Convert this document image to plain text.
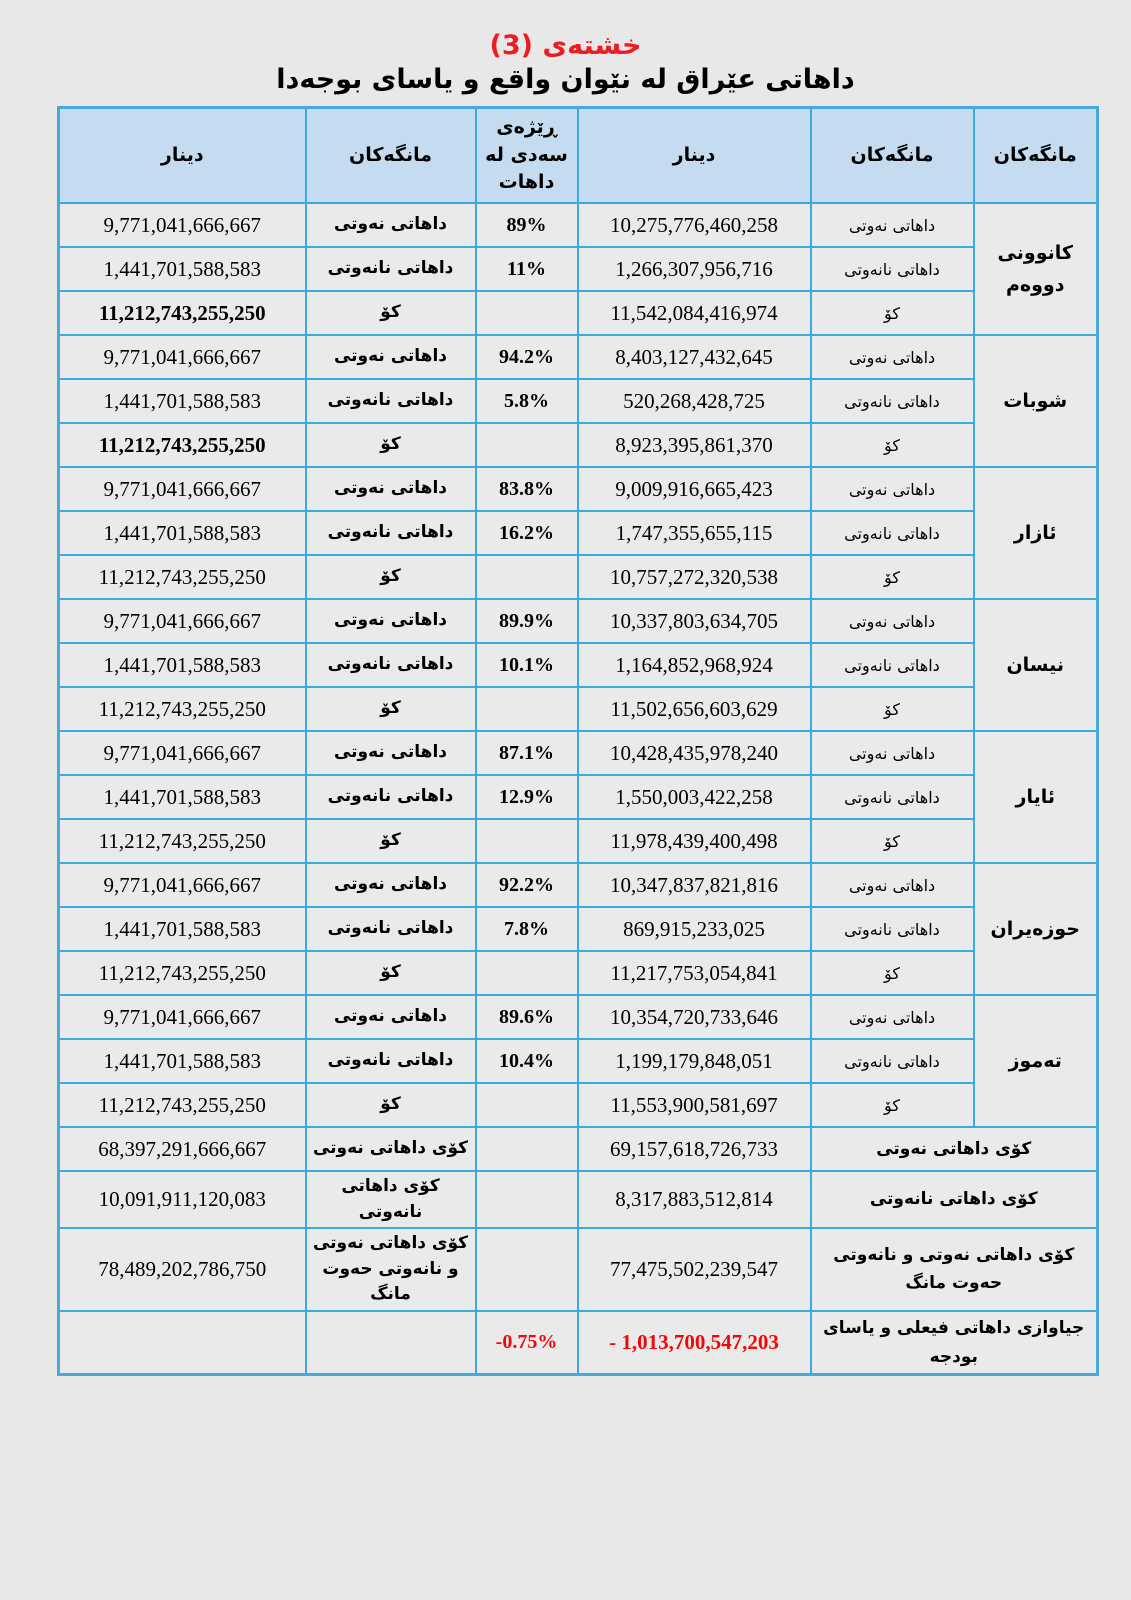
خشتەی (3)
داهاتی عێراق له نێوان واقع و یاسای بوجەدا
دینار	مانگەکان	ڕێژەی سەدی له داهات	دینار	مانگەکان	مانگەکان
9,771,041,666,667	داهاتی نەوتی	89%	10,275,776,460,258	داهاتی نەوتی	كانوونى دووەم
1,441,701,588,583	داهاتی نانەوتی	11%	1,266,307,956,716	داهاتی نانەوتی	
11,212,743,255,250	كۆ		11,542,084,416,974	كۆ	
9,771,041,666,667	داهاتی نەوتی	94.2%	8,403,127,432,645	داهاتی نەوتی	شوبات
1,441,701,588,583	داهاتی نانەوتی	5.8%	520,268,428,725	داهاتی نانەوتی	
11,212,743,255,250	كۆ		8,923,395,861,370	كۆ	
9,771,041,666,667	داهاتی نەوتی	83.8%	9,009,916,665,423	داهاتی نەوتی	ئازار
1,441,701,588,583	داهاتی نانەوتی	16.2%	1,747,355,655,115	داهاتی نانەوتی	
11,212,743,255,250	كۆ		10,757,272,320,538	كۆ	
9,771,041,666,667	داهاتی نەوتی	89.9%	10,337,803,634,705	داهاتی نەوتی	نیسان
1,441,701,588,583	داهاتی نانەوتی	10.1%	1,164,852,968,924	داهاتی نانەوتی	
11,212,743,255,250	كۆ		11,502,656,603,629	كۆ	
9,771,041,666,667	داهاتی نەوتی	87.1%	10,428,435,978,240	داهاتی نەوتی	ئایار
1,441,701,588,583	داهاتی نانەوتی	12.9%	1,550,003,422,258	داهاتی نانەوتی	
11,212,743,255,250	كۆ		11,978,439,400,498	كۆ	
9,771,041,666,667	داهاتی نەوتی	92.2%	10,347,837,821,816	داهاتی نەوتی	حوزەیران
1,441,701,588,583	داهاتی نانەوتی	7.8%	869,915,233,025	داهاتی نانەوتی	
11,212,743,255,250	كۆ		11,217,753,054,841	كۆ	
9,771,041,666,667	داهاتی نەوتی	89.6%	10,354,720,733,646	داهاتی نەوتی	تەموز
1,441,701,588,583	داهاتی نانەوتی	10.4%	1,199,179,848,051	داهاتی نانەوتی	
11,212,743,255,250	كۆ		11,553,900,581,697	كۆ	
68,397,291,666,667	كۆی داهاتی نەوتی		69,157,618,726,733	كۆی داهاتی نەوتی	
10,091,911,120,083	كۆی داهاتی نانەوتی		8,317,883,512,814	كۆی داهاتی نانەوتی	
78,489,202,786,750	كۆی داهاتی نەوتی و نانەوتی حەوت مانگ		77,475,502,239,547	كۆی داهاتی نەوتی و نانەوتی حەوت مانگ	
		-0.75%	- 1,013,700,547,203	جیاوازی داهاتی فیعلی و یاسای بودجه	
